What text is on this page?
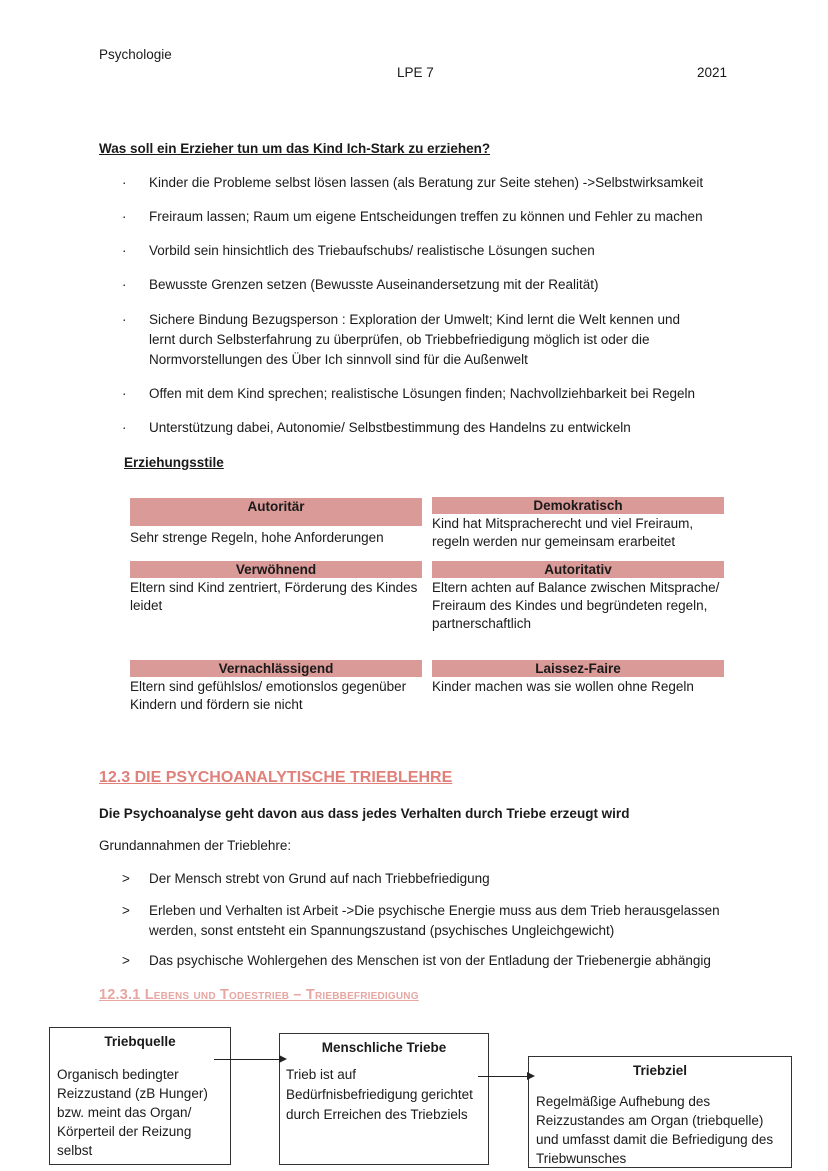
Psychologie
LPE 7	2021
Was soll ein Erzieher tun um das Kind Ich-Stark zu erziehen?
·	Kinder die Probleme selbst lösen lassen (als Beratung zur Seite stehen) ->Selbstwirksamkeit
·	Freiraum lassen; Raum um eigene Entscheidungen treffen zu können und Fehler zu machen
·	Vorbild sein hinsichtlich des Triebaufschubs/ realistische Lösungen suchen
·	Bewusste Grenzen setzen (Bewusste Auseinandersetzung mit der Realität)
·	Sichere Bindung Bezugsperson : Exploration der Umwelt; Kind lernt die Welt kennen und lernt durch Selbsterfahrung zu überprüfen, ob Triebbefriedigung möglich ist oder die Normvorstellungen des Über Ich sinnvoll sind für die Außenwelt
·	Offen mit dem Kind sprechen; realistische Lösungen finden; Nachvollziehbarkeit bei Regeln
·	Unterstützung dabei, Autonomie/ Selbstbestimmung des Handelns zu entwickeln
Erziehungsstile
Autoritär
Sehr strenge Regeln, hohe Anforderungen
Demokratisch
Kind hat Mitspracherecht und viel Freiraum, regeln werden nur gemeinsam erarbeitet
Verwöhnend
Eltern sind Kind zentriert, Förderung des Kindes leidet
Autoritativ
Eltern achten auf Balance zwischen Mitsprache/ Freiraum des Kindes und begründeten regeln, partnerschaftlich
Vernachlässigend
Eltern sind gefühlslos/ emotionslos gegenüber Kindern und fördern sie nicht
Laissez-Faire
Kinder machen was sie wollen ohne Regeln
12.3 DIE PSYCHOANALYTISCHE TRIEBLEHRE
Die Psychoanalyse geht davon aus dass jedes Verhalten durch Triebe erzeugt wird
Grundannahmen der Trieblehre:
>	Der Mensch strebt von Grund auf nach Triebbefriedigung
>	Erleben und Verhalten ist Arbeit ->Die psychische Energie muss aus dem Trieb herausgelassen werden, sonst entsteht ein Spannungszustand (psychisches Ungleichgewicht)
>	Das psychische Wohlergehen des Menschen ist von der Entladung der Triebenergie abhängig
12.3.1 Lebens und Todestrieb – Triebbefriedigung
Triebquelle
Organisch bedingter Reizzustand (zB Hunger) bzw. meint das Organ/ Körperteil der Reizung selbst
Menschliche Triebe
Trieb ist auf Bedürfnisbefriedigung gerichtet durch Erreichen des Triebziels
Triebziel
Regelmäßige Aufhebung des Reizzustandes am Organ (triebquelle) und umfasst damit die Befriedigung des Triebwunsches
